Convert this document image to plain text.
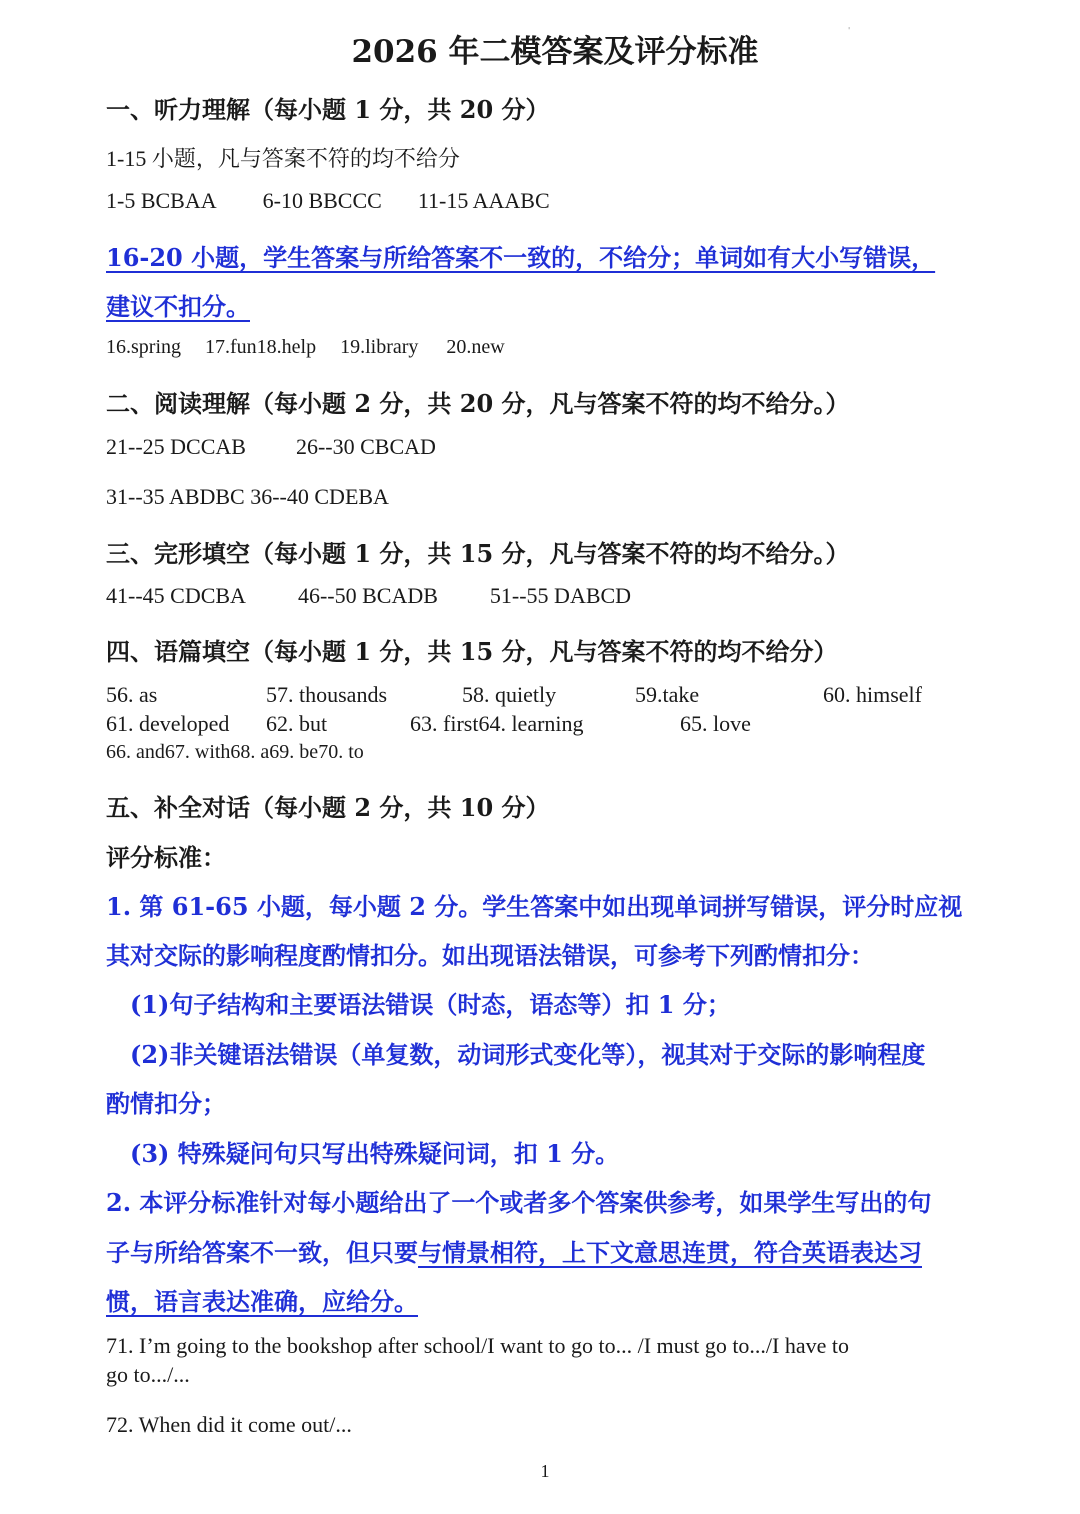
'
2026 年二模答案及评分标准
一、听力理解（每小题 1 分，共 20 分）
1-15 小题，凡与答案不符的均不给分
1-5 BCBAA 6-10 BBCCC 11-15 AAABC
16-20 小题，学生答案与所给答案不一致的，不给分；单词如有大小写错误，
建议不扣分。
16.spring 17.fun18.help 19.library 20.new
二、阅读理解（每小题 2 分，共 20 分，凡与答案不符的均不给分。）
21--25 DCCAB 26--30 CBCAD
31--35 ABDBC 36--40 CDEBA
三、完形填空（每小题 1 分，共 15 分，凡与答案不符的均不给分。）
41--45 CDCBA 46--50 BCADB 51--55 DABCD
四、语篇填空（每小题 1 分，共 15 分，凡与答案不符的均不给分）
56. as	57. thousands	58. quietly	59.take	60. himself
61. developed 62. but	63. first64. learning	65. love
66. and67. with68. a69. be70. to
五、补全对话（每小题 2 分，共 10 分）
评分标准：
1. 第 61-65 小题，每小题 2 分。学生答案中如出现单词拼写错误，评分时应视
其对交际的影响程度酌情扣分。如出现语法错误，可参考下列酌情扣分：
(1)句子结构和主要语法错误（时态，语态等）扣 1 分；
(2)非关键语法错误（单复数，动词形式变化等），视其对于交际的影响程度
酌情扣分；
(3) 特殊疑问句只写出特殊疑问词，扣 1 分。
2. 本评分标准针对每小题给出了一个或者多个答案供参考，如果学生写出的句
子与所给答案不一致，但只要与情景相符，上下文意思连贯，符合英语表达习
惯，语言表达准确，应给分。
71. I’m going to the bookshop after school/I want to go to... /I must go to.../I have to
go to.../...
72. When did it come out/...
1
